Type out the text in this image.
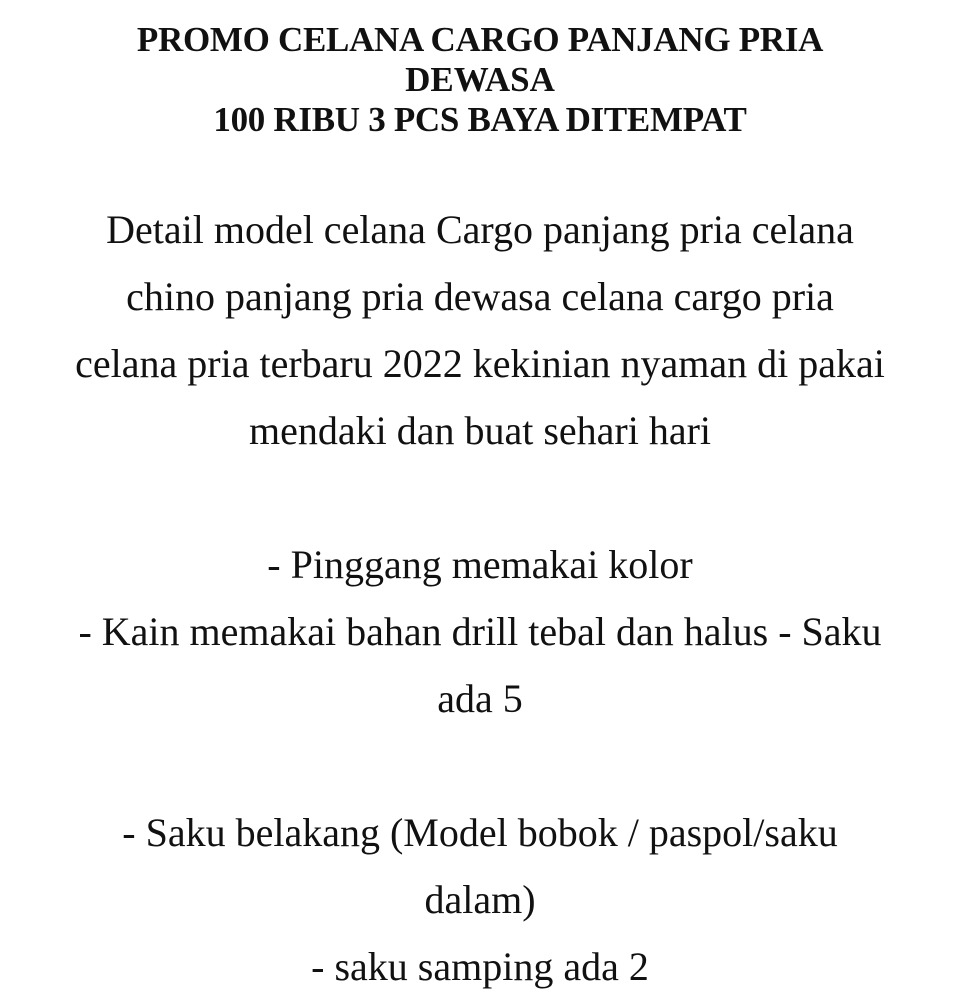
PROMO CELANA CARGO PANJANG PRIA
DEWASA
100 RIBU 3 PCS BAYA DITEMPAT
Detail model celana Cargo panjang pria celana
chino panjang pria dewasa celana cargo pria
celana pria terbaru 2022 kekinian nyaman di pakai
mendaki dan buat sehari hari
- Pinggang memakai kolor
- Kain memakai bahan drill tebal dan halus - Saku
ada 5
- Saku belakang (Model bobok / paspol/saku
dalam)
- saku samping ada 2
